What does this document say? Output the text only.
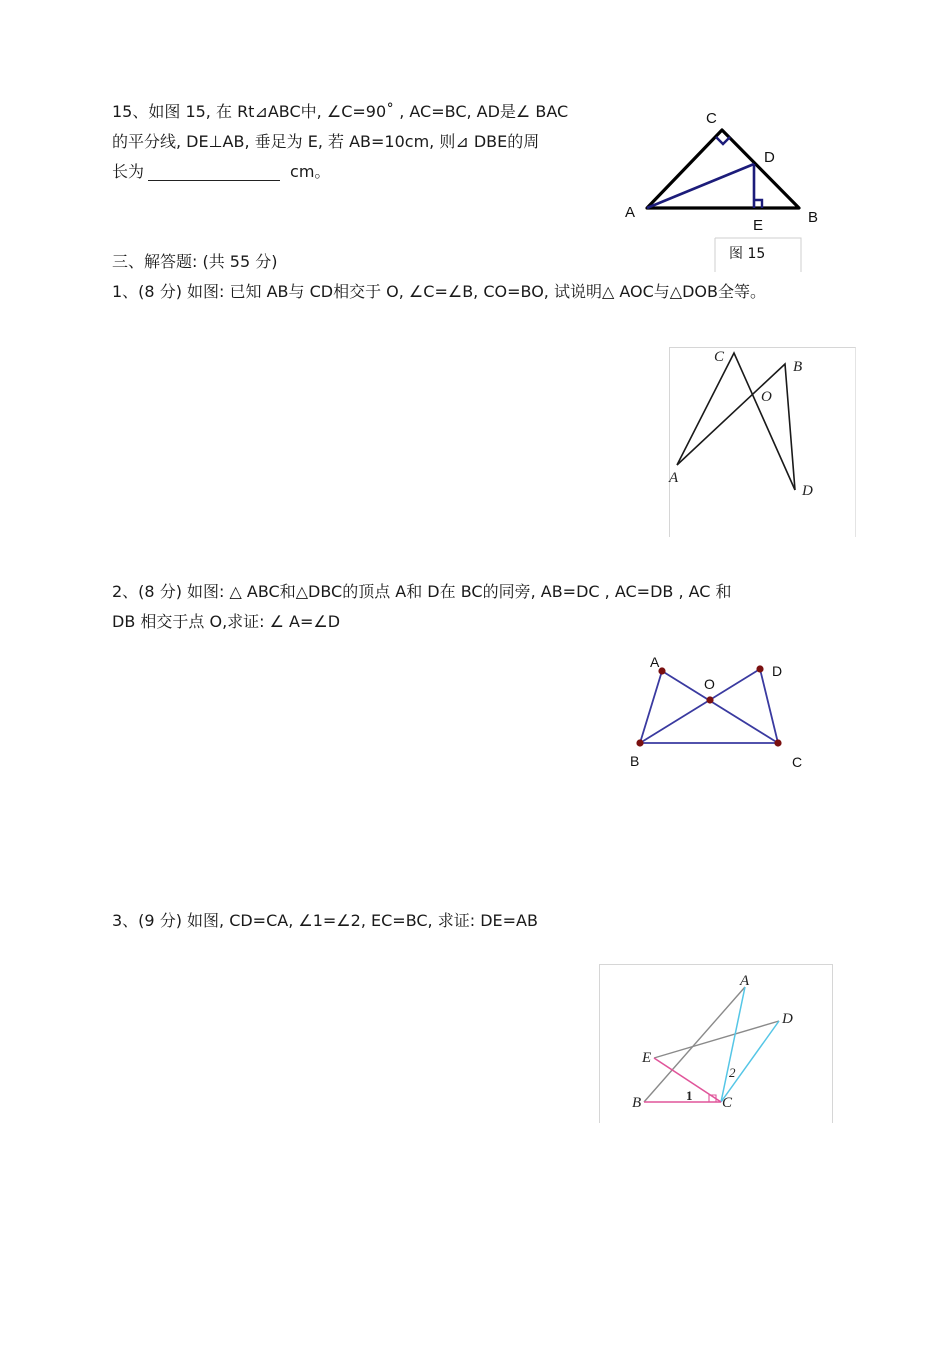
15、如图 15, 在 Rt⊿ABC中, ∠C=90˚ , AC=BC, AD是∠ BAC
的平分线, DE⊥AB, 垂足为 E, 若 AB=10cm, 则⊿ DBE的周
长为	cm。
C
D
A	B
E
图 15
三、解答题: (共 55 分)
1、(8 分) 如图: 已知 AB与 CD相交于 O, ∠C=∠B, CO=BO, 试说明△ AOC与△DOB全等。
C
B
O
A
D
2、(8 分) 如图: △ ABC和△DBC的顶点 A和 D在 BC的同旁, AB=DC , AC=DB , AC 和
DB 相交于点 O,求证: ∠ A=∠D
A
D
O
B	C
3、(9 分) 如图, CD=CA, ∠1=∠2, EC=BC, 求证: DE=AB
A
D
E
B	C
1
2
